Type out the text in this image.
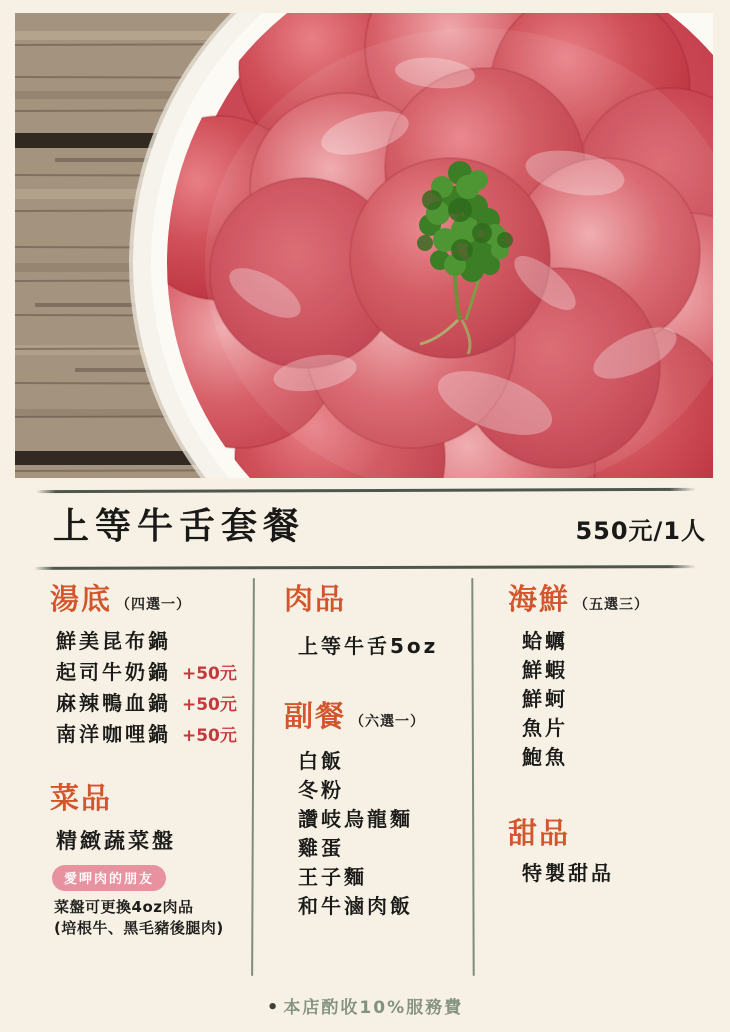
上等牛舌套餐	550元/1人
湯底 （四選一）
鮮美昆布鍋
起司牛奶鍋 +50元
麻辣鴨血鍋 +50元
南洋咖哩鍋 +50元
菜品
精緻蔬菜盤
愛呷肉的朋友
菜盤可更換4oz肉品
(培根牛、黑毛豬後腿肉)
肉品
上等牛舌5oz
副餐 （六選一）
白飯
冬粉
讚岐烏龍麵
雞蛋
王子麵
和牛滷肉飯
海鮮 （五選三）
蛤蠣
鮮蝦
鮮蚵
魚片
鮑魚
甜品
特製甜品
• 本店酌收10%服務費
